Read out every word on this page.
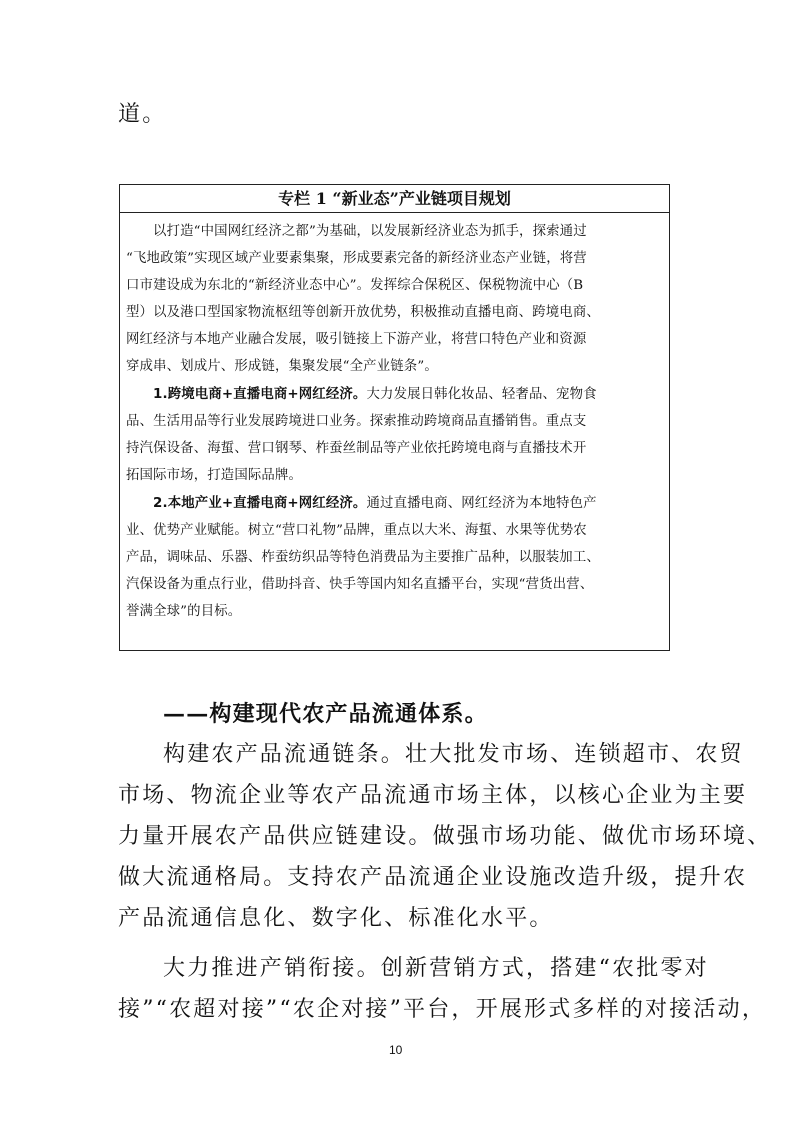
道。
专栏 1 “新业态”产业链项目规划
以打造“中国网红经济之都”为基础，以发展新经济业态为抓手，探索通过
“飞地政策”实现区域产业要素集聚，形成要素完备的新经济业态产业链，将营
口市建设成为东北的“新经济业态中心”。发挥综合保税区、保税物流中心（B
型）以及港口型国家物流枢纽等创新开放优势，积极推动直播电商、跨境电商、
网红经济与本地产业融合发展，吸引链接上下游产业，将营口特色产业和资源
穿成串、划成片、形成链，集聚发展“全产业链条”。
1.跨境电商+直播电商+网红经济。大力发展日韩化妆品、轻奢品、宠物食
品、生活用品等行业发展跨境进口业务。探索推动跨境商品直播销售。重点支
持汽保设备、海蜇、营口钢琴、柞蚕丝制品等产业依托跨境电商与直播技术开
拓国际市场，打造国际品牌。
2.本地产业+直播电商+网红经济。通过直播电商、网红经济为本地特色产
业、优势产业赋能。树立“营口礼物”品牌，重点以大米、海蜇、水果等优势农
产品，调味品、乐器、柞蚕纺织品等特色消费品为主要推广品种，以服装加工、
汽保设备为重点行业，借助抖音、快手等国内知名直播平台，实现“营货出营、
誉满全球”的目标。
——构建现代农产品流通体系。
构建农产品流通链条。壮大批发市场、连锁超市、农贸
市场、物流企业等农产品流通市场主体，以核心企业为主要
力量开展农产品供应链建设。做强市场功能、做优市场环境、
做大流通格局。支持农产品流通企业设施改造升级，提升农
产品流通信息化、数字化、标准化水平。
大力推进产销衔接。创新营销方式，搭建“农批零对
接”“农超对接”“农企对接”平台，开展形式多样的对接活动，
10
